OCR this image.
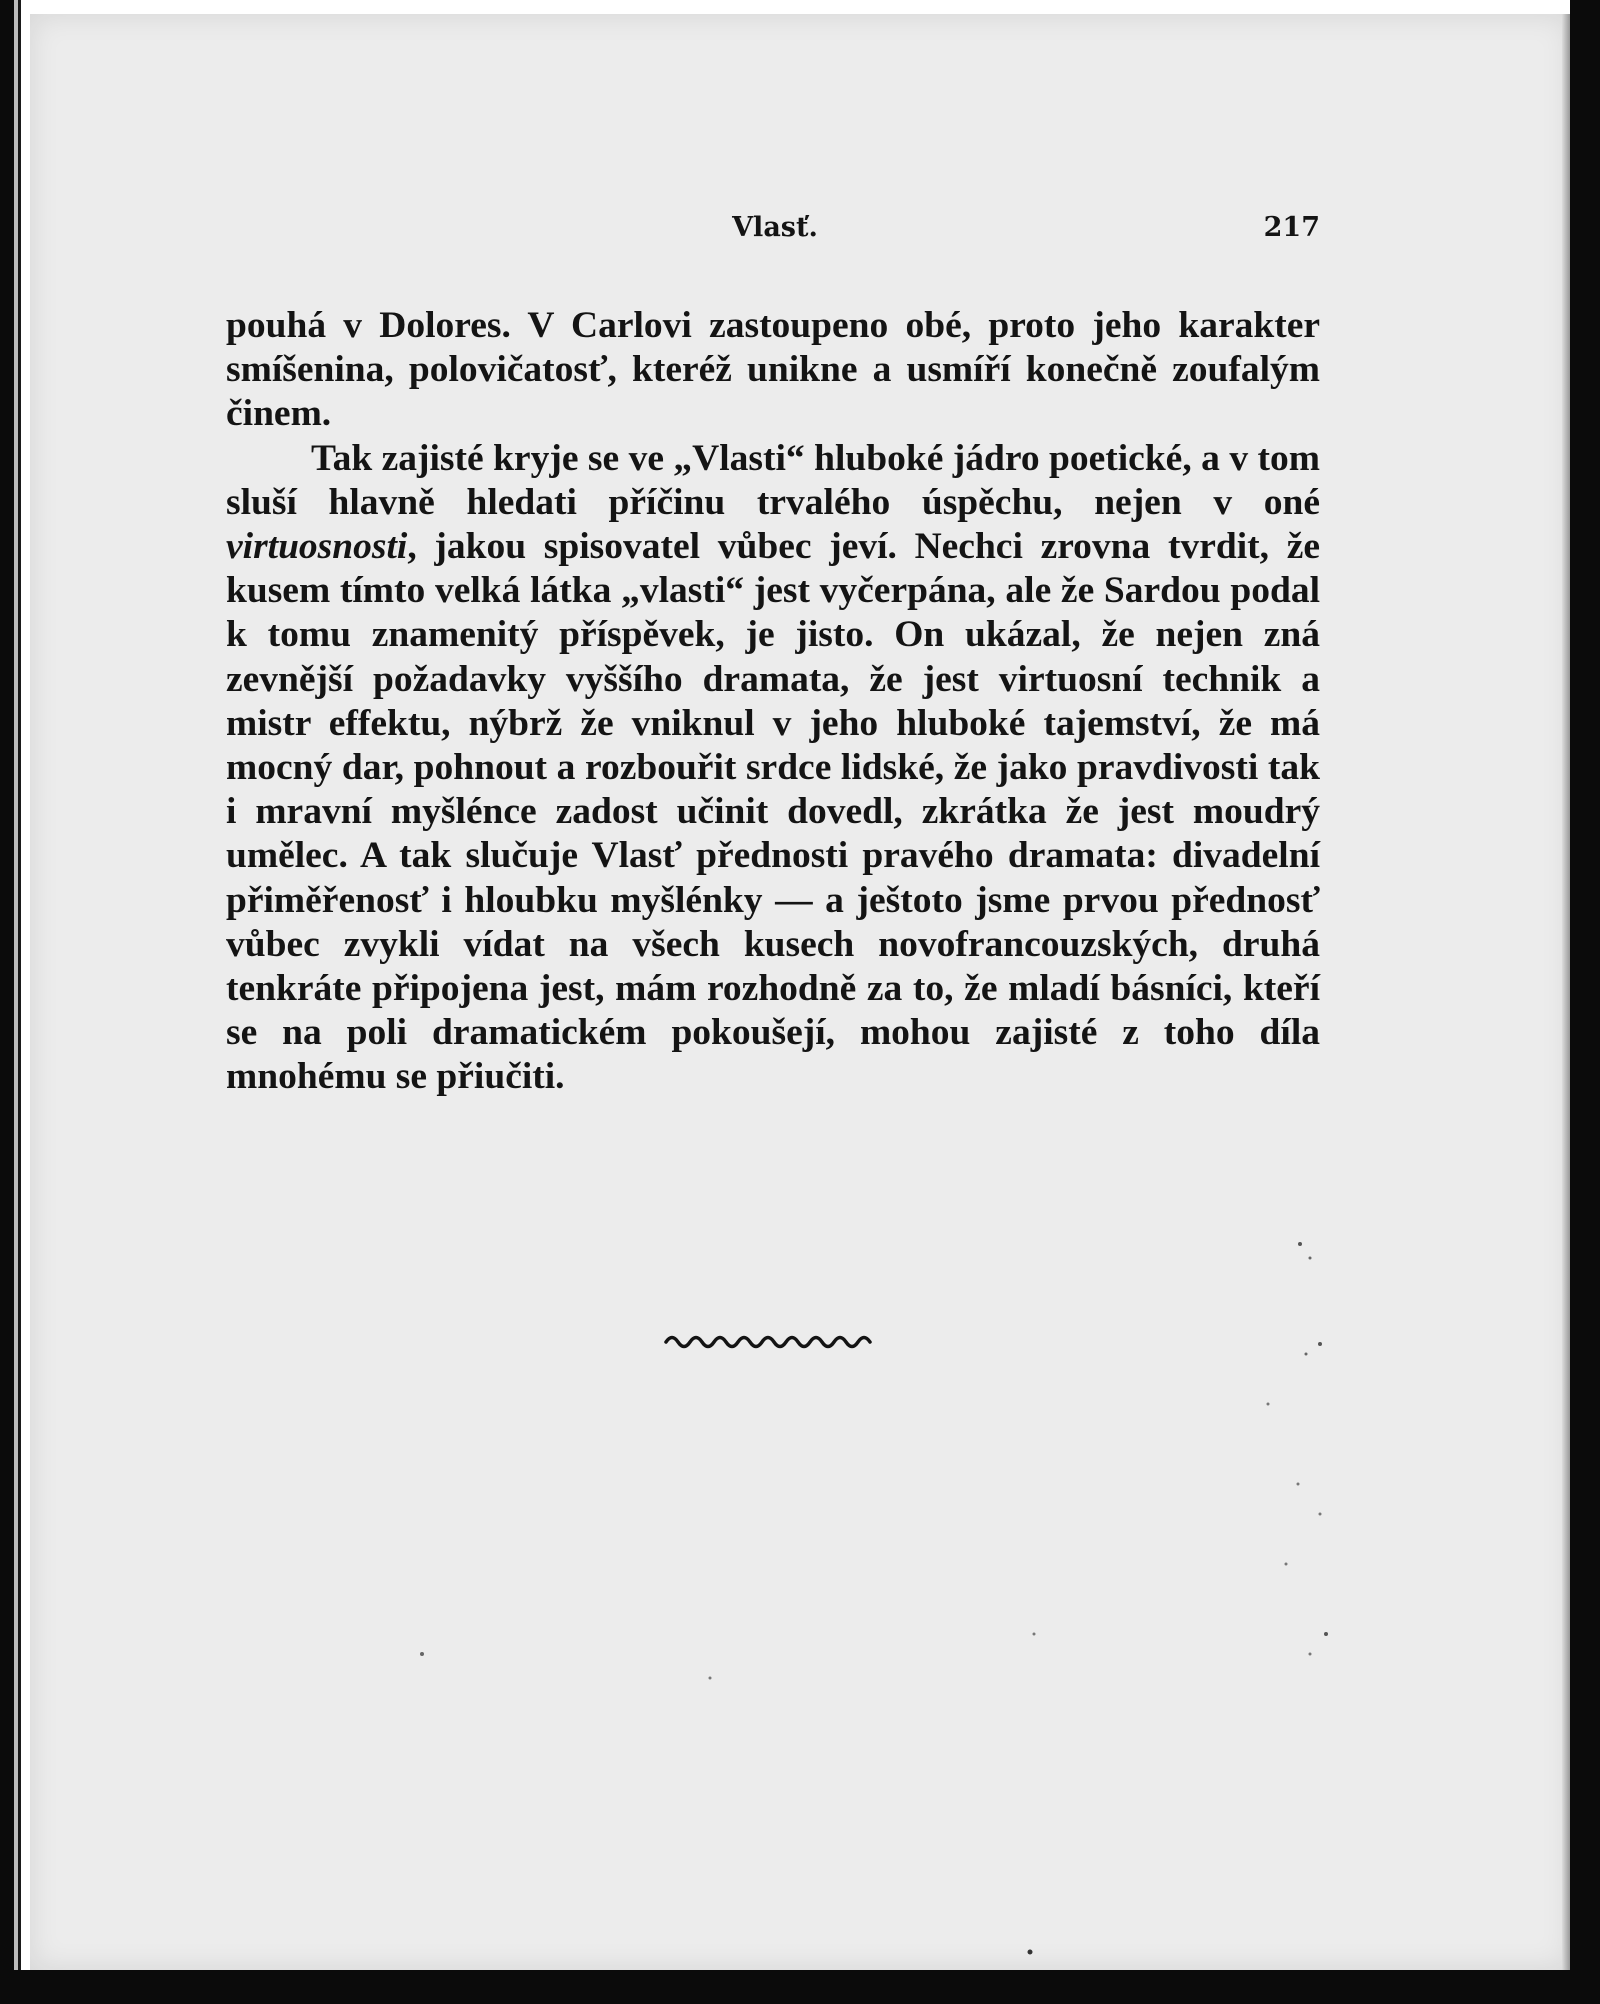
Vlasť.	217

pouhá v Dolores. V Carlovi zastoupeno obé, proto jeho karakter smíšenina, polovičatosť, kteréž unikne a usmíří konečně zoufalým činem.

Tak zajisté kryje se ve „Vlasti“ hluboké jádro poetické, a v tom sluší hlavně hledati příčinu trvalého úspěchu, nejen v oné virtuosnosti, jakou spisovatel vůbec jeví. Nechci zrovna tvrdit, že kusem tímto velká látka „vlasti“ jest vyčerpána, ale že Sardou podal k tomu znamenitý příspěvek, je jisto. On ukázal, že nejen zná zevnější požadavky vyššího dramata, že jest virtuosní technik a mistr effektu, nýbrž že vniknul v jeho hluboké tajemství, že má mocný dar, pohnout a rozbouřit srdce lidské, že jako pravdivosti tak i mravní myšlénce zadost učinit dovedl, zkrátka že jest moudrý umělec. A tak slučuje Vlasť přednosti pravého dramata: divadelní přiměřenosť i hloubku myšlénky — a ještoto jsme prvou přednosť vůbec zvykli vídat na všech kusech novofrancouzských, druhá tenkráte připojena jest, mám rozhodně za to, že mladí básníci, kteří se na poli dramatickém pokoušejí, mohou zajisté z toho díla mnohému se přiučiti.
